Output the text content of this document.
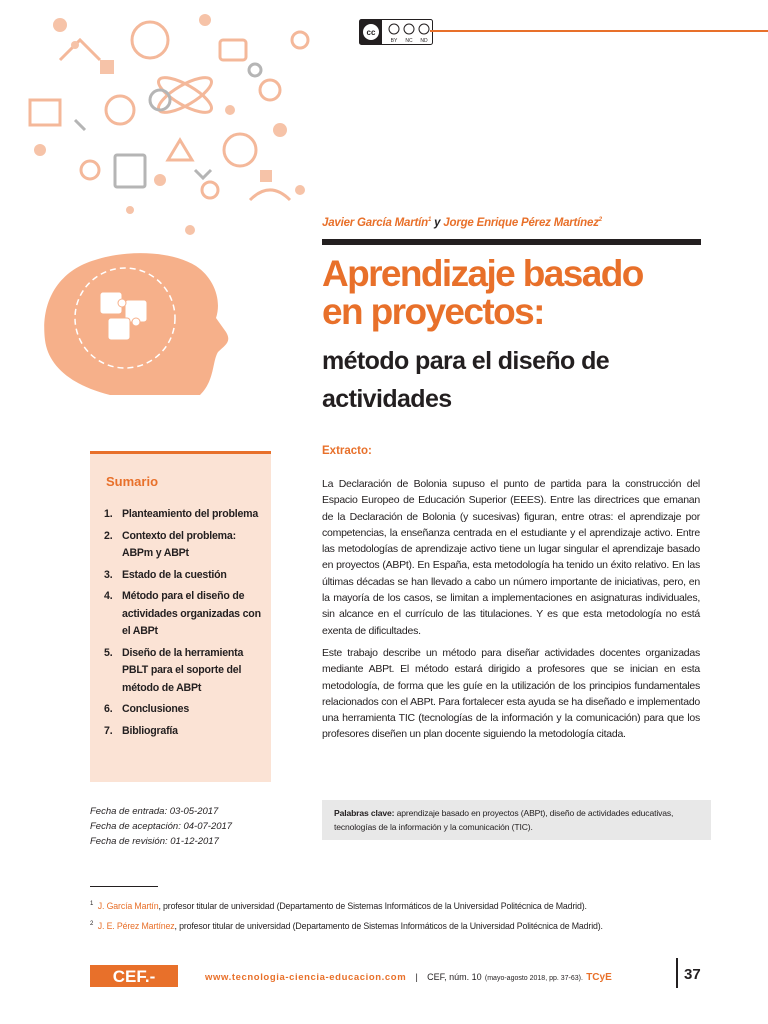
cc
BY NC ND
Javier García Martín$^1$ y Jorge Enrique Pérez Martínez$^2$
Aprendizaje basado
en proyectos:
método para el diseño de
actividades
Extracto:

La Declaración de Bolonia supuso el punto de partida para la construcción del Espacio Europeo de Educación Superior (EEES). Entre las directrices que emanan de la Declaración de Bolonia (y sucesivas) figuran, entre otras: el aprendizaje por competencias, la enseñanza centrada en el estudiante y el aprendizaje activo. Entre las metodologías de aprendizaje activo tiene un lugar singular el aprendizaje basado en proyectos (ABPt). En España, esta metodología ha tenido un éxito relativo. En las últimas décadas se han llevado a cabo un número importante de iniciativas, pero, en la mayoría de los casos, se limitan a implementaciones en asignaturas individuales, sin alcance en el currículo de las titulaciones. Y es que esta metodología no está exenta de dificultades.

Este trabajo describe un método para diseñar actividades docentes organizadas mediante ABPt. El método estará dirigido a profesores que se inician en esta metodología, de forma que les guíe en la utilización de los principios fundamentales relacionados con el ABPt. Para fortalecer esta ayuda se ha diseñado e implementado una herramienta TIC (tecnologías de la información y la comunicación) para que los profesores diseñen un plan docente siguiendo la metodología citada.

Palabras clave: aprendizaje basado en proyectos (ABPt), diseño de actividades educativas, tecnologías de la información y la comunicación (TIC).
Sumario
1. Planteamiento del problema
2. Contexto del problema: ABPm y ABPt
3. Estado de la cuestión
4. Método para el diseño de actividades organizadas con el ABPt
5. Diseño de la herramienta PBLT para el soporte del método de ABPt
6. Conclusiones
7. Bibliografía
Fecha de entrada: 03-05-2017
Fecha de aceptación: 04-07-2017
Fecha de revisión: 01-12-2017
$^1$ J. García Martín, profesor titular de universidad (Departamento de Sistemas Informáticos de la Universidad Politécnica de Madrid).
$^2$ J. E. Pérez Martínez, profesor titular de universidad (Departamento de Sistemas Informáticos de la Universidad Politécnica de Madrid).
CEF.-	www.tecnologia-ciencia-educacion.com | CEF, núm. 10 (mayo-agosto 2018, pp. 37-63). TCyE	37
